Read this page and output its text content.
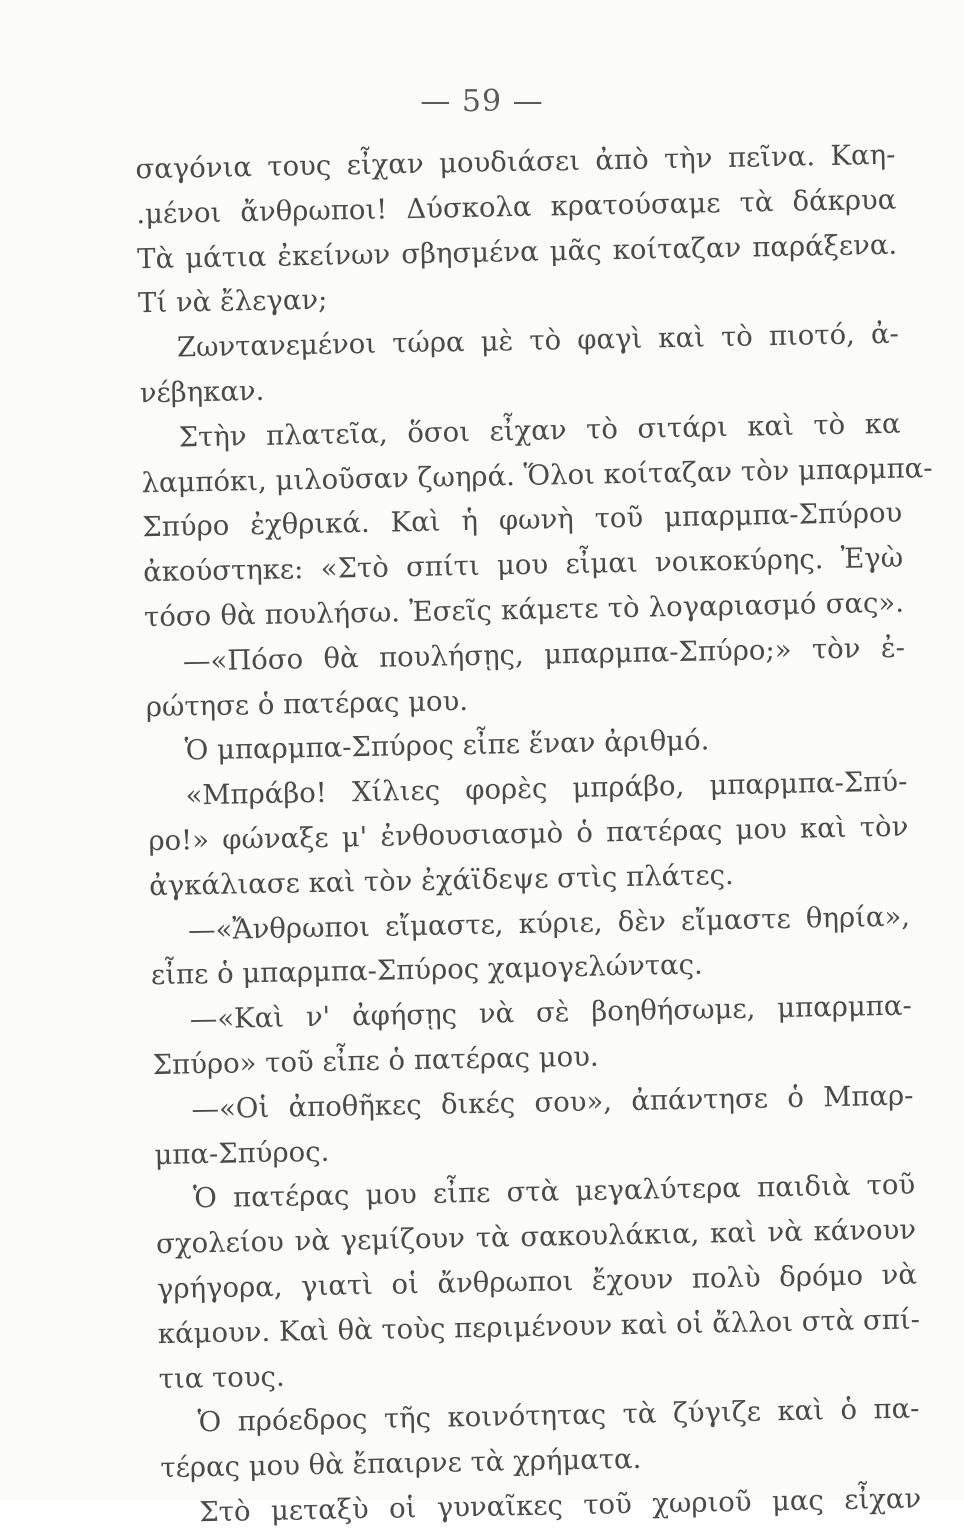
— 59 —
σαγόνια τους εἶχαν μουδιάσει ἀπὸ τὴν πεῖνα. Καη-
.μένοι ἄνθρωποι! Δύσκολα κρατούσαμε τὰ δάκρυα
Τὰ μάτια ἐκείνων σβησμένα μᾶς κοίταζαν παράξενα.
Τί νὰ ἔλεγαν;
Ζωντανεμένοι τώρα μὲ τὸ φαγὶ καὶ τὸ πιοτό, ἀ-
νέβηκαν.
Στὴν πλατεῖα, ὅσοι εἶχαν τὸ σιτάρι καὶ τὸ κα
λαμπόκι, μιλοῦσαν ζωηρά. Ὅλοι κοίταζαν τὸν μπαρμπα-
Σπύρο ἐχθρικά. Καὶ ἡ φωνὴ τοῦ μπαρμπα-Σπύρου
ἀκούστηκε: «Στὸ σπίτι μου εἶμαι νοικοκύρης. Ἐγὼ
τόσο θὰ πουλήσω. Ἐσεῖς κάμετε τὸ λογαριασμό σας».
—«Πόσο θὰ πουλήσῃς, μπαρμπα-Σπύρο;» τὸν ἐ-
ρώτησε ὁ πατέρας μου.
Ὁ μπαρμπα-Σπύρος εἶπε ἕναν ἀριθμό.
«Μπράβο! Χίλιες φορὲς μπράβο, μπαρμπα-Σπύ-
ρο!» φώναξε μ' ἐνθουσιασμὸ ὁ πατέρας μου καὶ τὸν
ἀγκάλιασε καὶ τὸν ἐχάϊδεψε στὶς πλάτες.
—«Ἄνθρωποι εἴμαστε, κύριε, δὲν εἴμαστε θηρία»,
εἶπε ὁ μπαρμπα-Σπύρος χαμογελώντας.
—«Καὶ ν' ἀφήσῃς νὰ σὲ βοηθήσωμε, μπαρμπα-
Σπύρο» τοῦ εἶπε ὁ πατέρας μου.
—«Οἱ ἀποθῆκες δικές σου», ἀπάντησε ὁ Μπαρ-
μπα-Σπύρος.
Ὁ πατέρας μου εἶπε στὰ μεγαλύτερα παιδιὰ τοῦ
σχολείου νὰ γεμίζουν τὰ σακουλάκια, καὶ νὰ κάνουν
γρήγορα, γιατὶ οἱ ἄνθρωποι ἔχουν πολὺ δρόμο νὰ
κάμουν. Καὶ θὰ τοὺς περιμένουν καὶ οἱ ἄλλοι στὰ σπί-
τια τους.
Ὁ πρόεδρος τῆς κοινότητας τὰ ζύγιζε καὶ ὁ πα-
τέρας μου θὰ ἔπαιρνε τὰ χρήματα.
Στὸ μεταξὺ οἱ γυναῖκες τοῦ χωριοῦ μας εἶχαν
